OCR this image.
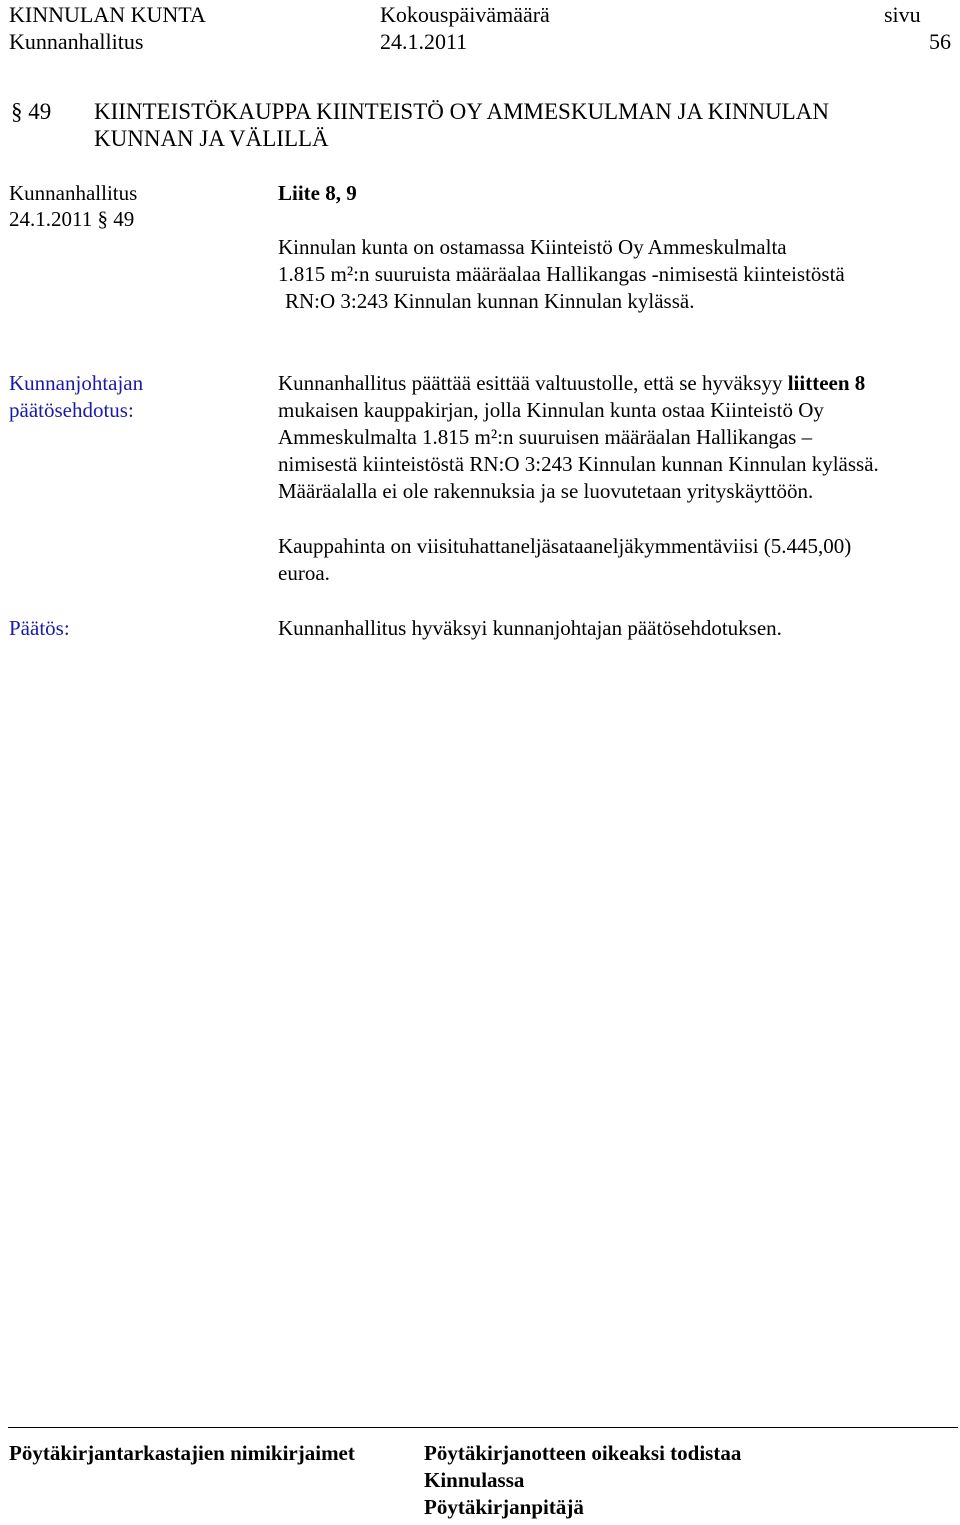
KINNULAN KUNTA	Kokouspäivämäärä	sivu
Kunnanhallitus	24.1.2011	56
§ 49 KIINTEISTÖKAUPPA KIINTEISTÖ OY AMMESKULMAN JA KINNULAN
KUNNAN JA VÄLILLÄ
Kunnanhallitus	Liite 8, 9
24.1.2011 § 49
Kinnulan kunta on ostamassa Kiinteistö Oy Ammeskulmalta
1.815 m²:n suuruista määräalaa Hallikangas -nimisestä kiinteistöstä
RN:O 3:243 Kinnulan kunnan Kinnulan kylässä.
Kunnanjohtajan
päätösehdotus:
Kunnanhallitus päättää esittää valtuustolle, että se hyväksyy liitteen 8
mukaisen kauppakirjan, jolla Kinnulan kunta ostaa Kiinteistö Oy
Ammeskulmalta 1.815 m²:n suuruisen määräalan Hallikangas –
nimisestä kiinteistöstä RN:O 3:243 Kinnulan kunnan Kinnulan kylässä.
Määräalalla ei ole rakennuksia ja se luovutetaan yrityskäyttöön.
Kauppahinta on viisituhattaneljäsataaneljäkymmentäviisi (5.445,00)
euroa.
Päätös:	Kunnanhallitus hyväksyi kunnanjohtajan päätösehdotuksen.
Pöytäkirjantarkastajien nimikirjaimet	Pöytäkirjanotteen oikeaksi todistaa
Kinnulassa
Pöytäkirjanpitäjä
